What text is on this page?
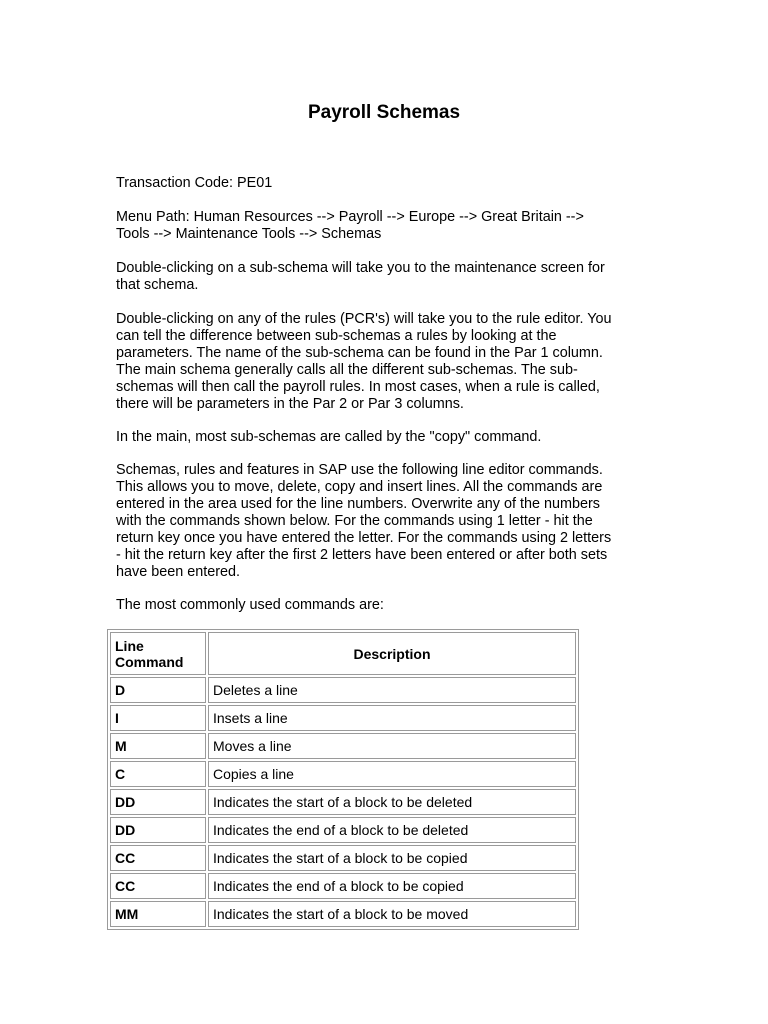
Payroll Schemas

Transaction Code: PE01

Menu Path: Human Resources --> Payroll --> Europe --> Great Britain -->
Tools --> Maintenance Tools --> Schemas

Double-clicking on a sub-schema will take you to the maintenance screen for
that schema.

Double-clicking on any of the rules (PCR's) will take you to the rule editor. You
can tell the difference between sub-schemas a rules by looking at the
parameters. The name of the sub-schema can be found in the Par 1 column.
The main schema generally calls all the different sub-schemas. The sub-
schemas will then call the payroll rules. In most cases, when a rule is called,
there will be parameters in the Par 2 or Par 3 columns.

In the main, most sub-schemas are called by the "copy" command.

Schemas, rules and features in SAP use the following line editor commands.
This allows you to move, delete, copy and insert lines. All the commands are
entered in the area used for the line numbers. Overwrite any of the numbers
with the commands shown below. For the commands using 1 letter - hit the
return key once you have entered the letter. For the commands using 2 letters
- hit the return key after the first 2 letters have been entered or after both sets
have been entered.

The most commonly used commands are:

Line
Command	Description
D	Deletes a line
I	Insets a line
M	Moves a line
C	Copies a line
DD	Indicates the start of a block to be deleted
DD	Indicates the end of a block to be deleted
CC	Indicates the start of a block to be copied
CC	Indicates the end of a block to be copied
MM	Indicates the start of a block to be moved
